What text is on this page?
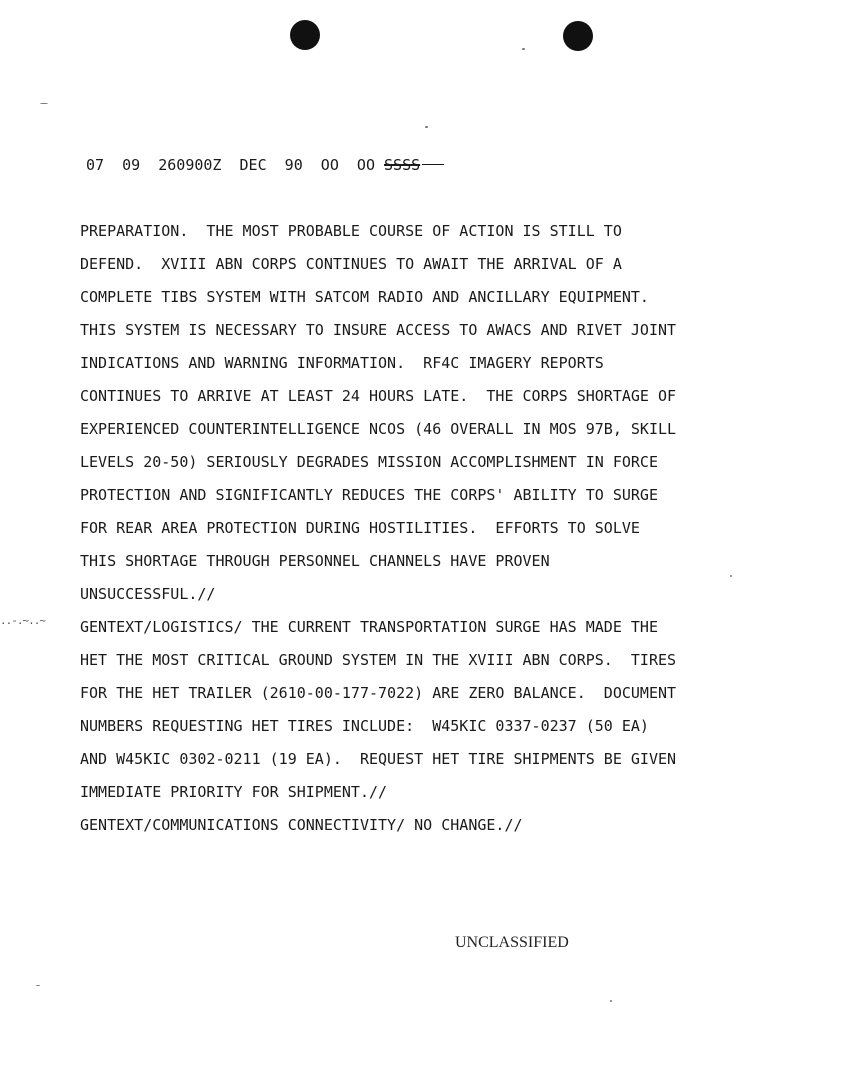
07  09  260900Z  DEC  90  OO  OO SSSS
..-.~..~
PREPARATION.  THE MOST PROBABLE COURSE OF ACTION IS STILL TO
DEFEND.  XVIII ABN CORPS CONTINUES TO AWAIT THE ARRIVAL OF A
COMPLETE TIBS SYSTEM WITH SATCOM RADIO AND ANCILLARY EQUIPMENT.
THIS SYSTEM IS NECESSARY TO INSURE ACCESS TO AWACS AND RIVET JOINT
INDICATIONS AND WARNING INFORMATION.  RF4C IMAGERY REPORTS
CONTINUES TO ARRIVE AT LEAST 24 HOURS LATE.  THE CORPS SHORTAGE OF
EXPERIENCED COUNTERINTELLIGENCE NCOS (46 OVERALL IN MOS 97B, SKILL
LEVELS 20-50) SERIOUSLY DEGRADES MISSION ACCOMPLISHMENT IN FORCE
PROTECTION AND SIGNIFICANTLY REDUCES THE CORPS' ABILITY TO SURGE
FOR REAR AREA PROTECTION DURING HOSTILITIES.  EFFORTS TO SOLVE
THIS SHORTAGE THROUGH PERSONNEL CHANNELS HAVE PROVEN
UNSUCCESSFUL.//
GENTEXT/LOGISTICS/ THE CURRENT TRANSPORTATION SURGE HAS MADE THE
HET THE MOST CRITICAL GROUND SYSTEM IN THE XVIII ABN CORPS.  TIRES
FOR THE HET TRAILER (2610-00-177-7022) ARE ZERO BALANCE.  DOCUMENT
NUMBERS REQUESTING HET TIRES INCLUDE:  W45KIC 0337-0237 (50 EA)
AND W45KIC 0302-0211 (19 EA).  REQUEST HET TIRE SHIPMENTS BE GIVEN
IMMEDIATE PRIORITY FOR SHIPMENT.//
GENTEXT/COMMUNICATIONS CONNECTIVITY/ NO CHANGE.//
UNCLASSIFIED
